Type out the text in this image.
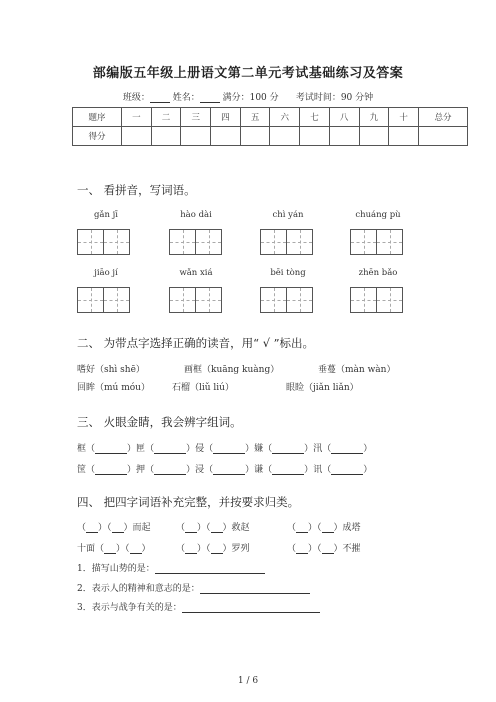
部编版五年级上册语文第二单元考试基础练习及答案
班级：	姓名：	满分：100 分 考试时间：90 分钟
题序	一	二	三	四	五	六	七	八	九	十	总分
得分											
一、 看拼音，写词语。
gǎn jī	hào dài	chì yán	chuáng pù
jiāo jí	wǎn xiá	bēi tòng	zhēn bǎo
二、 为带点字选择正确的读音，用“ √ ”标出。
嗜好（shì shē）	画框（kuāng kuàng）	垂蔓（màn wàn）
回眸（mú móu） 石榴（liǔ liú）	眼睑（jiǎn liǎn）
三、 火眼金睛，我会辨字组词。
框（	）匣（	）侵（	）嫌（	）汛（	）
筐（	）押（	）浸（	）谦（	）讯（	）
四、 把四字词语补充完整，并按要求归类。
（ ）（ ）而起	（ ）（ ）救赵	（ ）（ ）成塔
十面（ ）（ ）	（ ）（ ）罗列	（ ）（ ）不摧
1．描写山势的是：
2．表示人的精神和意志的是：
3．表示与战争有关的是：
1 / 6
